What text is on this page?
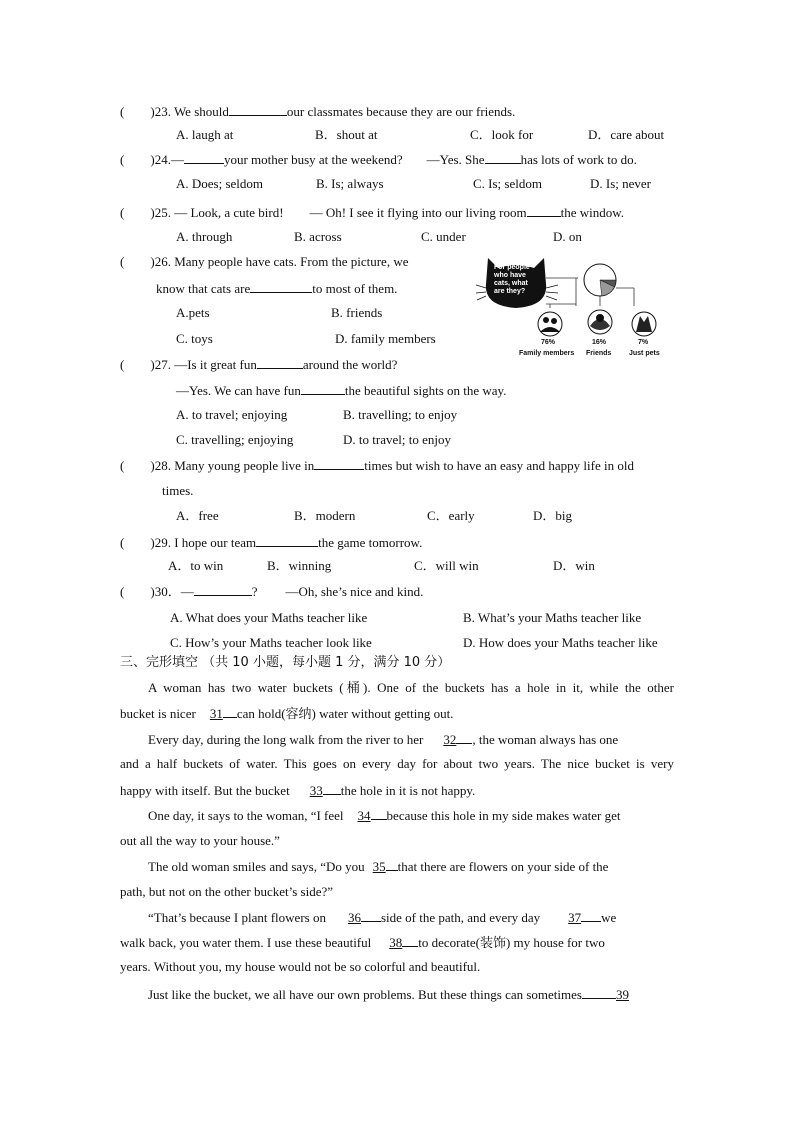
( )23. We should	our classmates because they are our friends.
A. laugh at	B．shout at	C．look for	D．care about
( )24.—	your mother busy at the weekend? —Yes. She	has lots of work to do.
A. Does; seldom	B. Is; always	C. Is; seldom	D. Is; never
( )25. — Look, a cute bird! — Oh! I see it flying into our living room	the window.
A. through	B. across	C. under	D. on
( )26. Many people have cats. From the picture, we
know that cats are	to most of them.
A.pets	B. friends
C. toys	D. family members
For people
who have
cats, what
are they?
76%	16%	7%
Family members Friends	Just pets
( )27. —Is it great fun	around the world?
—Yes. We can have fun	the beautiful sights on the way.
A. to travel; enjoying	B. travelling; to enjoy
C. travelling; enjoying	D. to travel; to enjoy
( )28. Many young people live in	times but wish to have an easy and happy life in old
times.
A．free	B．modern	C．early	D．big
( )29. I hope our team	the game tomorrow.
A．to win	B．winning	C．will win	D．win
( )30．—	? —Oh, she’s nice and kind.
A. What does your Maths teacher like	B. What’s your Maths teacher like
C. How’s your Maths teacher look like	D. How does your Maths teacher like
三、完形填空 （共 10 小题，每小题 1 分，满分 10 分）
A woman has two water buckets (桶). One of the buckets has a hole in it, while the other
bucket is nicer 31 can hold(容纳) water without getting out.
Every day, during the long walk from the river to her 32 , the woman always has one
and a half buckets of water. This goes on every day for about two years. The nice bucket is very
happy with itself. But the bucket 33 the hole in it is not happy.
One day, it says to the woman, “I feel 34 because this hole in my side makes water get
out all the way to your house.”
The old woman smiles and says, “Do you 35 that there are flowers on your side of the
path, but not on the other bucket’s side?”
“That’s because I plant flowers on 36 side of the path, and every day 37 we
walk back, you water them. I use these beautiful 38 to decorate(装饰) my house for two
years. Without you, my house would not be so colorful and beautiful.
Just like the bucket, we all have our own problems. But these things can sometimes	39
